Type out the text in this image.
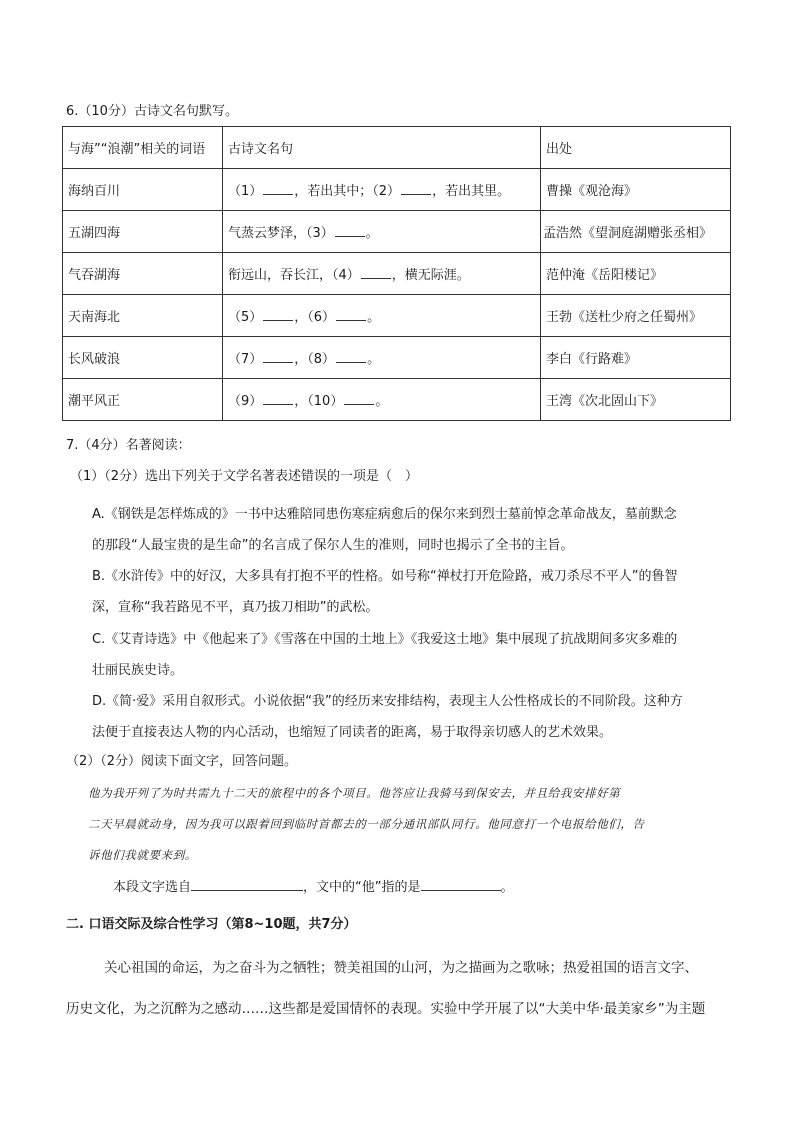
6.（10分）古诗文名句默写。
与海”“浪潮”相关的词语	古诗文名句	出处
海纳百川	（1） ，若出其中；（2） ，若出其里。	曹操《观沧海》
五湖四海	气蒸云梦泽，（3） 。	孟浩然《望洞庭湖赠张丞相》
气吞湖海	衔远山，吞长江，（4） ，横无际涯。	范仲淹《岳阳楼记》
天南海北	（5） ，（6） 。	王勃《送杜少府之任蜀州》
长风破浪	（7） ，（8） 。	李白《行路难》
潮平风正	（9） ，（10） 。	王湾《次北固山下》
7.（4分）名著阅读：
（1）（2分）选出下列关于文学名著表述错误的一项是（　）
A.《钢铁是怎样炼成的》一书中达雅陪同患伤寒症病愈后的保尔来到烈士墓前悼念革命战友，墓前默念
的那段“人最宝贵的是生命”的名言成了保尔人生的准则，同时也揭示了全书的主旨。
B.《水浒传》中的好汉，大多具有打抱不平的性格。如号称“禅杖打开危险路，戒刀杀尽不平人”的鲁智
深，宣称“我若路见不平，真乃拔刀相助”的武松。
C.《艾青诗选》中《他起来了》《雪落在中国的土地上》《我爱这土地》集中展现了抗战期间多灾多难的
壮丽民族史诗。
D.《简·爱》采用自叙形式。小说依据“我”的经历来安排结构，表现主人公性格成长的不同阶段。这种方
法便于直接表达人物的内心活动，也缩短了同读者的距离，易于取得亲切感人的艺术效果。
（2）（2分）阅读下面文字，回答问题。
他为我开列了为时共需九十二天的旅程中的各个项目。他答应让我骑马到保安去，并且给我安排好第
二天早晨就动身，因为我可以跟着回到临时首都去的一部分通讯部队同行。他同意打一个电报给他们，告
诉他们我就要来到。
本段文字选自	，文中的“他”指的是	。
二. 口语交际及综合性学习（第8~10题，共7分）
关心祖国的命运，为之奋斗为之牺牲；赞美祖国的山河，为之描画为之歌咏；热爱祖国的语言文字、
历史文化，为之沉醉为之感动……这些都是爱国情怀的表现。实验中学开展了以“大美中华·最美家乡”为主题
